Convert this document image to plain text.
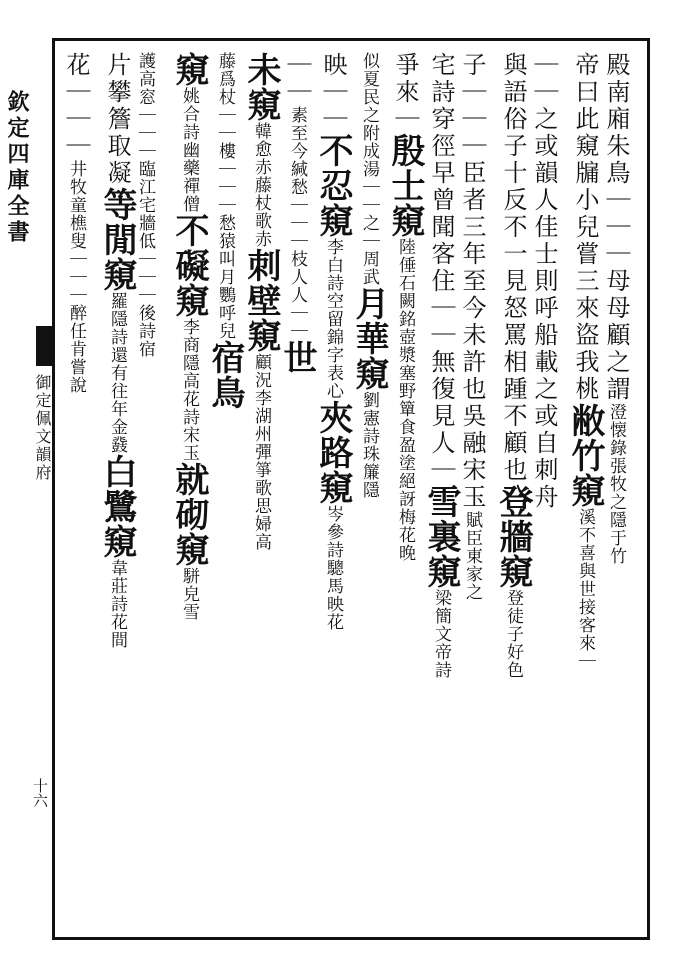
欽定四庫全書
御定佩文韻府
十六
殿南廂朱鳥｜｜｜母母顧之謂澄懐錄張牧之隱于竹
帝曰此窺牖小兒嘗三來盜我桃敝竹窺溪不喜與世接客來｜
｜｜之或韻人佳士則呼船載之或自刺舟
與語俗子十反不一見怒罵相踵不顧也登牆窺登徒子好色
子｜｜｜臣者三年至今未許也吳融宋玉賦臣東家之
宅詩穿徑早曾聞客住｜｜無復見人｜雪裏窺梁簡文帝詩
爭來｜殷士窺陸倕石闕銘壺漿塞野簞食盈塗絕訝梅花晚
似夏民之附成湯｜｜之｜周武月華窺劉憲詩珠簾隱
映｜｜不忍窺李白詩空留錦字表心夾路窺岑參詩驄馬映花
｜｜素至今緘愁｜｜｜枝人人｜｜世
未窺韓愈赤藤杖歌赤刺壁窺顧況李湖州彈箏歌思婦高
藤爲杖｜｜樓｜｜｜愁猿叫月鸚呼兒宿鳥
窺姚合詩幽藥禪僧不礙窺李商隱高花詩宋玉就砌窺駢皃雪
護高窓｜｜｜臨江宅牆低｜｜｜後詩宿
片攀簷取凝等閒窺羅隱詩還有往年金鼗白鷺窺韋莊詩花間
花｜｜｜井牧童樵叟｜｜｜醉任肯嘗說
